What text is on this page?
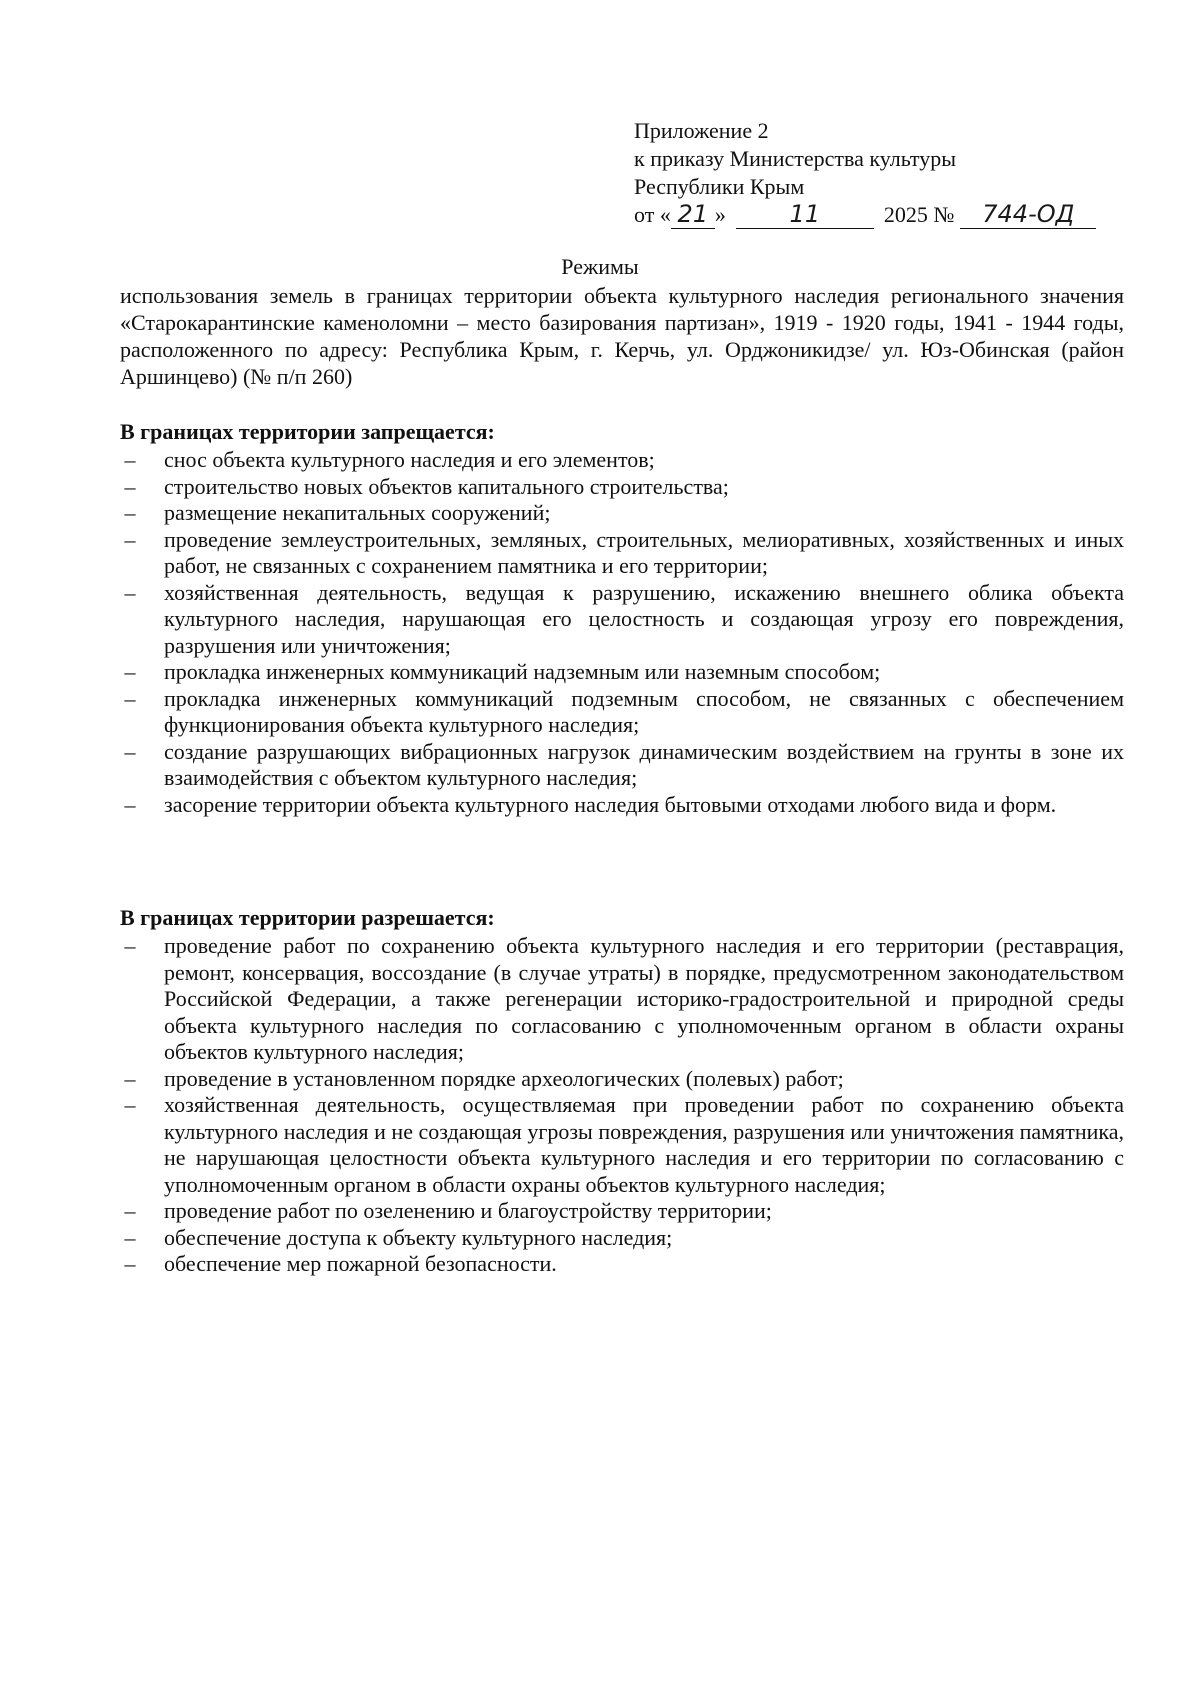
Приложение 2
к приказу Министерства культуры
Республики Крым
от « 21 »	11	2025 №	744-ОД
Режимы
использования земель в границах территории объекта культурного наследия регионального значения «Старокарантинские каменоломни – место базирования партизан», 1919 - 1920 годы, 1941 - 1944 годы, расположенного по адресу: Республика Крым, г. Керчь, ул. Орджоникидзе/ ул. Юз-Обинская (район Аршинцево) (№ п/п 260)
В границах территории запрещается:
– снос объекта культурного наследия и его элементов;
– строительство новых объектов капитального строительства;
– размещение некапитальных сооружений;
– проведение землеустроительных, земляных, строительных, мелиоративных, хозяйственных и иных работ, не связанных с сохранением памятника и его территории;
– хозяйственная деятельность, ведущая к разрушению, искажению внешнего облика объекта культурного наследия, нарушающая его целостность и создающая угрозу его повреждения, разрушения или уничтожения;
– прокладка инженерных коммуникаций надземным или наземным способом;
– прокладка инженерных коммуникаций подземным способом, не связанных с обеспечением функционирования объекта культурного наследия;
– создание разрушающих вибрационных нагрузок динамическим воздействием на грунты в зоне их взаимодействия с объектом культурного наследия;
– засорение территории объекта культурного наследия бытовыми отходами любого вида и форм.
В границах территории разрешается:
– проведение работ по сохранению объекта культурного наследия и его территории (реставрация, ремонт, консервация, воссоздание (в случае утраты) в порядке, предусмотренном законодательством Российской Федерации, а также регенерации историко-градостроительной и природной среды объекта культурного наследия по согласованию с уполномоченным органом в области охраны объектов культурного наследия;
– проведение в установленном порядке археологических (полевых) работ;
– хозяйственная деятельность, осуществляемая при проведении работ по сохранению объекта культурного наследия и не создающая угрозы повреждения, разрушения или уничтожения памятника, не нарушающая целостности объекта культурного наследия и его территории по согласованию с уполномоченным органом в области охраны объектов культурного наследия;
– проведение работ по озеленению и благоустройству территории;
– обеспечение доступа к объекту культурного наследия;
– обеспечение мер пожарной безопасности.
